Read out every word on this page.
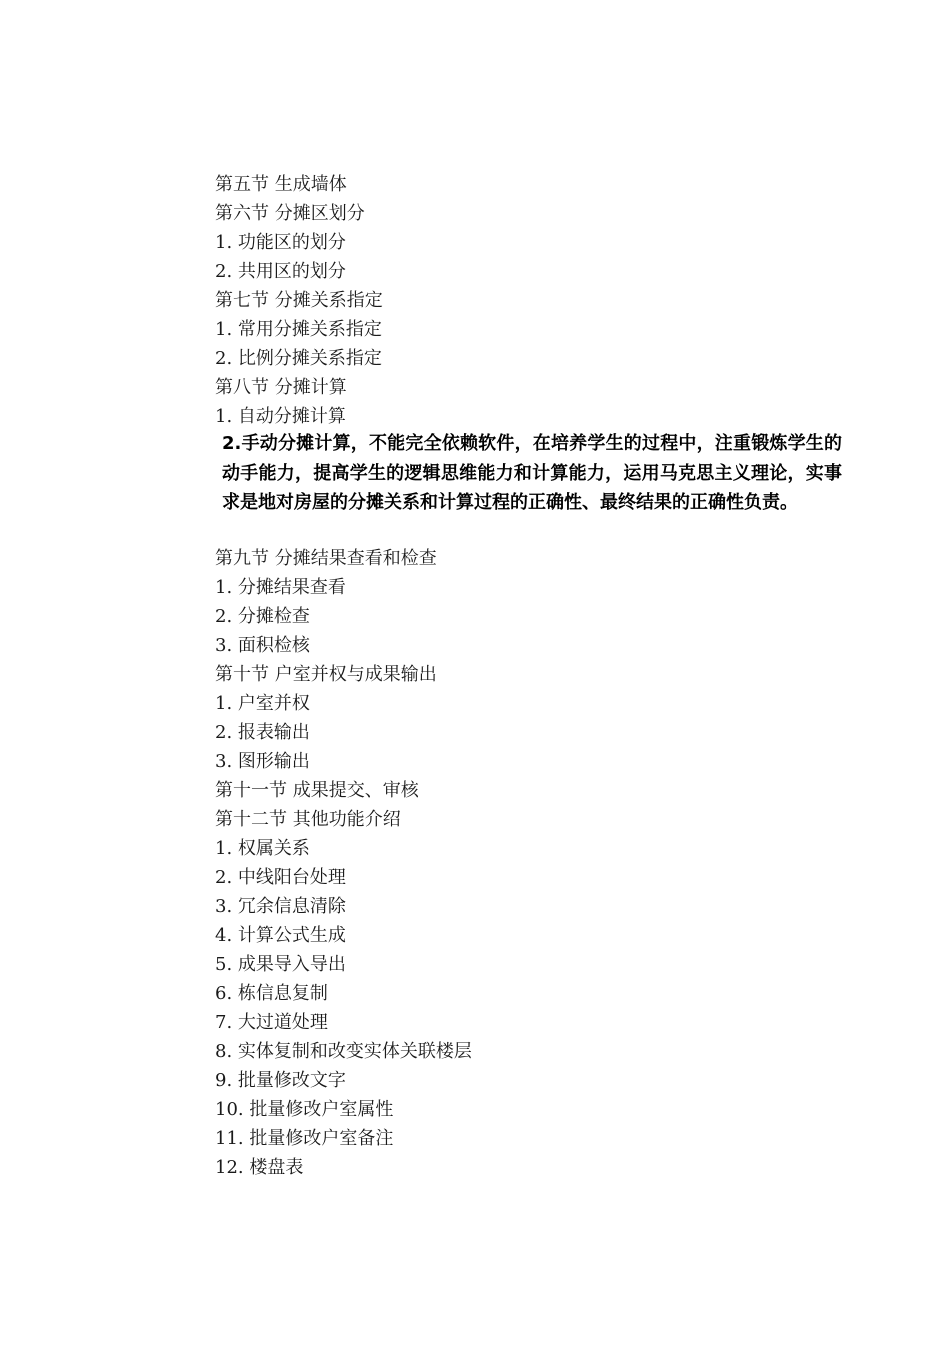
第五节 生成墙体
第六节 分摊区划分
1. 功能区的划分
2. 共用区的划分
第七节 分摊关系指定
1. 常用分摊关系指定
2. 比例分摊关系指定
第八节 分摊计算
1. 自动分摊计算
2.手动分摊计算，不能完全依赖软件，在培养学生的过程中，注重锻炼学生的动手能力，提高学生的逻辑思维能力和计算能力，运用马克思主义理论，实事求是地对房屋的分摊关系和计算过程的正确性、最终结果的正确性负责。
第九节 分摊结果查看和检查
1. 分摊结果查看
2. 分摊检查
3. 面积检核
第十节 户室并权与成果输出
1. 户室并权
2. 报表输出
3. 图形输出
第十一节 成果提交、审核
第十二节 其他功能介绍
1. 权属关系
2. 中线阳台处理
3. 冗余信息清除
4. 计算公式生成
5. 成果导入导出
6. 栋信息复制
7. 大过道处理
8. 实体复制和改变实体关联楼层
9. 批量修改文字
10. 批量修改户室属性
11. 批量修改户室备注
12. 楼盘表
